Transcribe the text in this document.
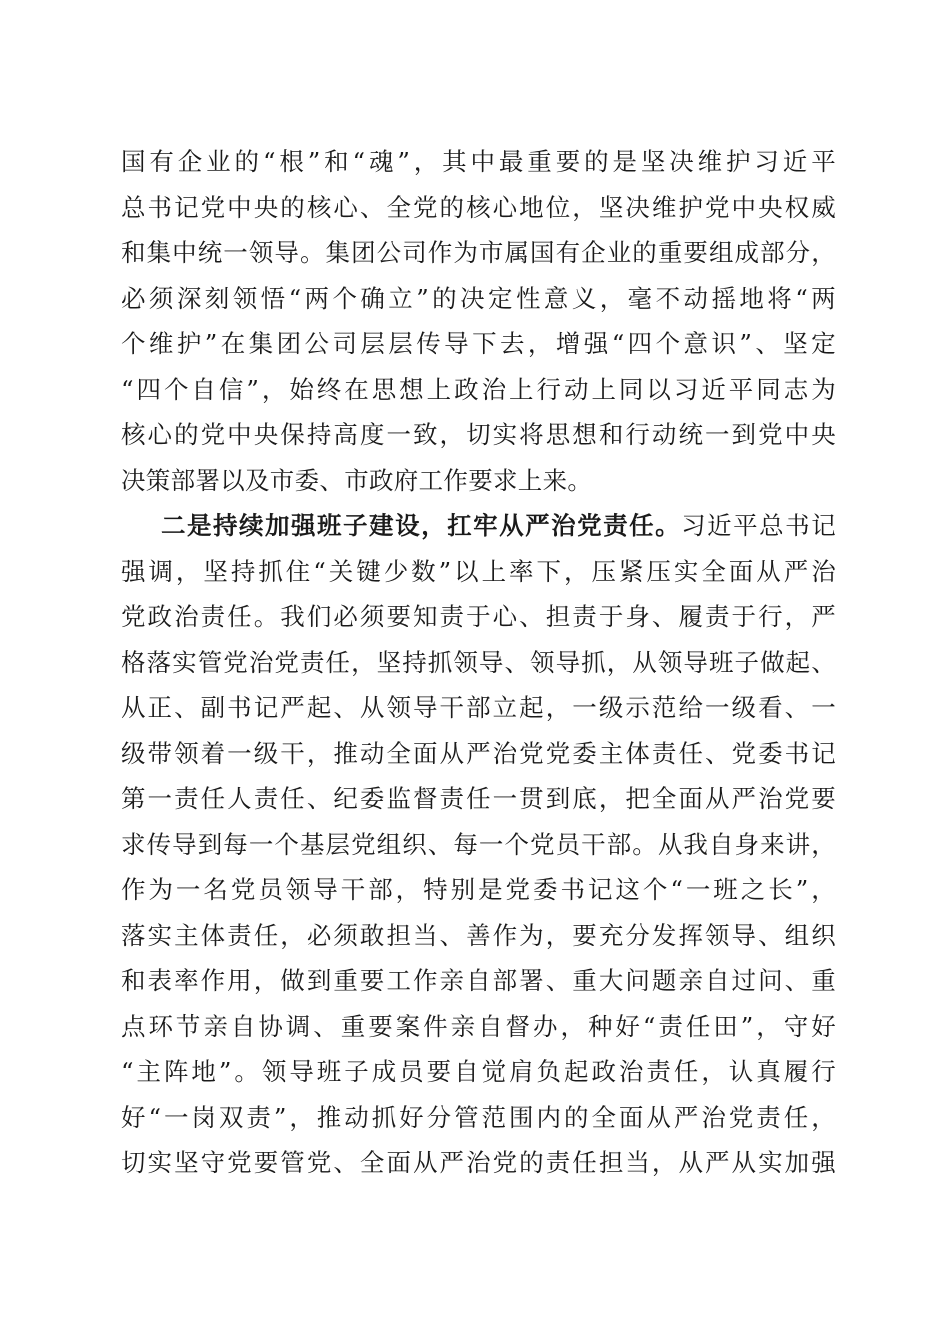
国有企业的“根”和“魂”，其中最重要的是坚决维护习近平
总书记党中央的核心、全党的核心地位，坚决维护党中央权威
和集中统一领导。集团公司作为市属国有企业的重要组成部分，
必须深刻领悟“两个确立”的决定性意义，毫不动摇地将“两
个维护”在集团公司层层传导下去，增强“四个意识”、坚定
“四个自信”，始终在思想上政治上行动上同以习近平同志为
核心的党中央保持高度一致，切实将思想和行动统一到党中央
决策部署以及市委、市政府工作要求上来。
二是持续加强班子建设，扛牢从严治党责任。习近平总书记
强调，坚持抓住“关键少数”以上率下，压紧压实全面从严治
党政治责任。我们必须要知责于心、担责于身、履责于行，严
格落实管党治党责任，坚持抓领导、领导抓，从领导班子做起、
从正、副书记严起、从领导干部立起，一级示范给一级看、一
级带领着一级干，推动全面从严治党党委主体责任、党委书记
第一责任人责任、纪委监督责任一贯到底，把全面从严治党要
求传导到每一个基层党组织、每一个党员干部。从我自身来讲，
作为一名党员领导干部，特别是党委书记这个“一班之长”，
落实主体责任，必须敢担当、善作为，要充分发挥领导、组织
和表率作用，做到重要工作亲自部署、重大问题亲自过问、重
点环节亲自协调、重要案件亲自督办，种好“责任田”，守好
“主阵地”。领导班子成员要自觉肩负起政治责任，认真履行
好“一岗双责”，推动抓好分管范围内的全面从严治党责任，
切实坚守党要管党、全面从严治党的责任担当，从严从实加强
